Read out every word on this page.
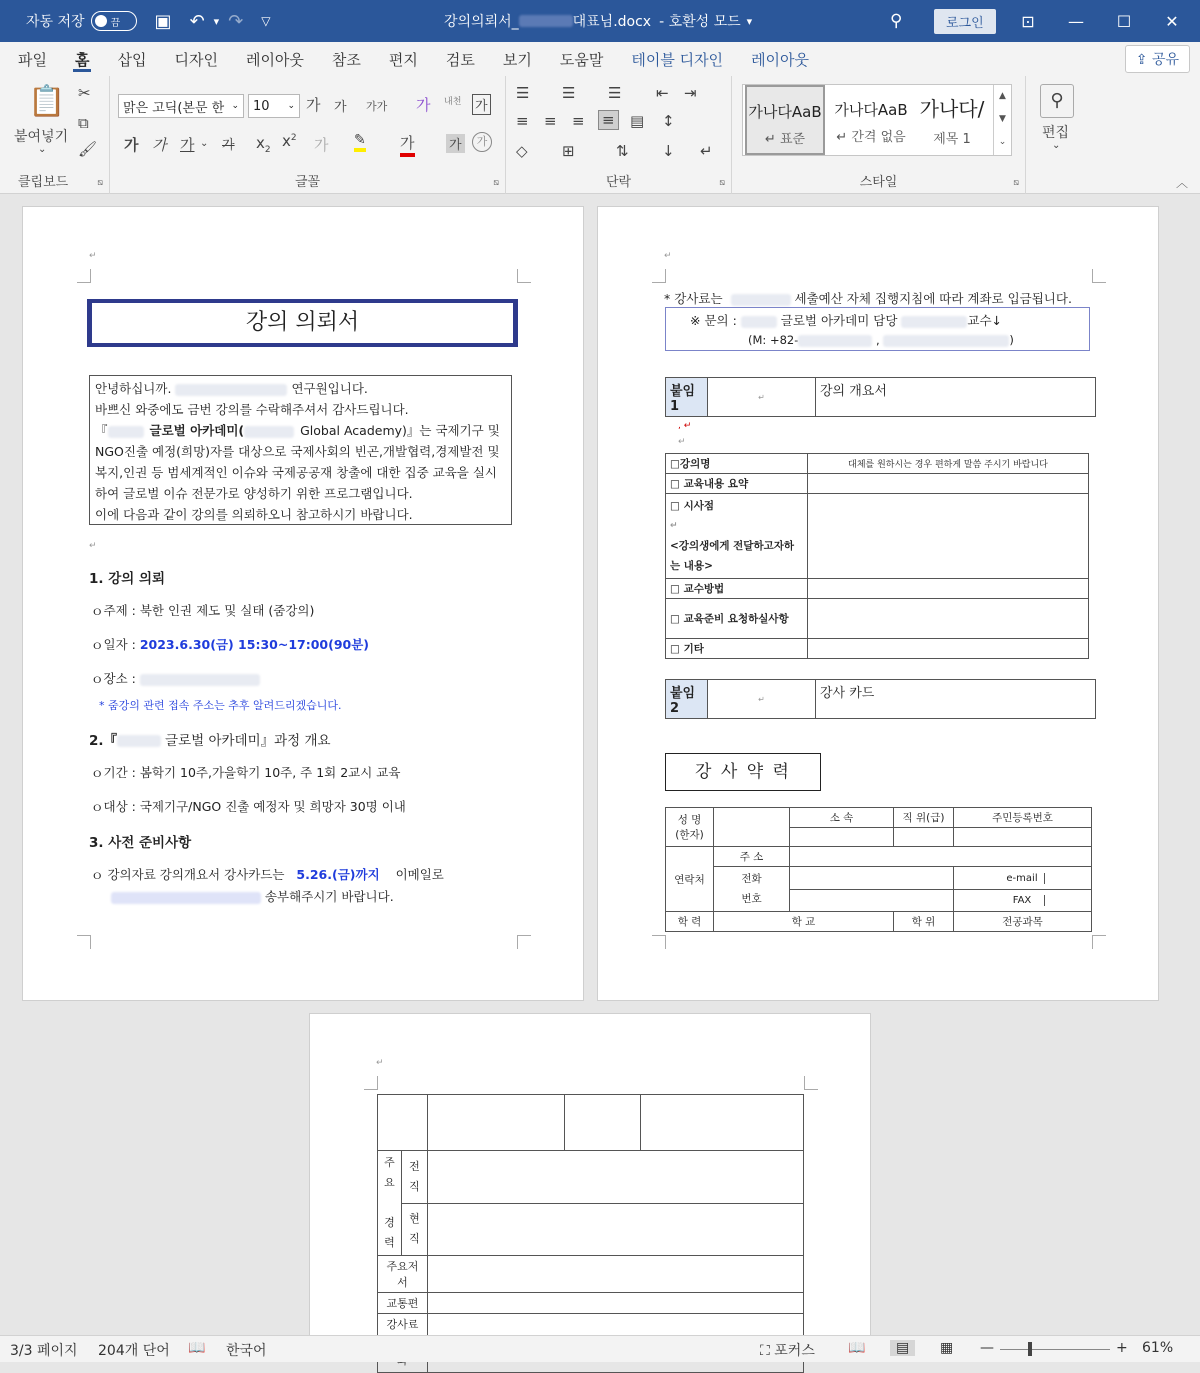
자동 저장	끔 ▣ ↶ ▾ ↷ ▽	강의의뢰서_	대표님.docx - 호환성 모드 ▾	⚲	로그인	⊡	—	☐	✕
파일	홈	삽입	디자인	레이아웃	참조	편지	검토	보기	도움말	테이블 디자인	레이아웃	⇪ 공유
📋
붙여넣기
⌄
✂
⧉
🖌
클립보드	⧅
맑은 고딕(본문 한 ⌄ 10 ⌄ 가 가 가가 가 내천 가
가 가 가 ⌄ 가 $x_2$ $x^2$ 가 ✎ 가	가	가
글꼴	⧅
☰ ☰ ☰ ⇤ ⇥
≡ ≡ ≡ ≡ ▤ ↕
◇ ⊞	⇅ ↓ ↵
단락	⧅
가나다AaB
↵ 표준
가나다AaB
↵ 간격 없음
가나다/
제목 1
▲
▼
⌄
스타일	⧅
⚲
편집
⌄
︿
↵
강의 의뢰서
안녕하십니까.	연구원입니다.
바쁘신 와중에도 금번 강의를 수락해주셔서 감사드립니다.
『	글로벌 아카데미(	Global Academy)』는 국제기구 및
NGO진출 예정(희망)자를 대상으로 국제사회의 빈곤,개발협력,경제발전 및
복지,인권 등 범세계적인 이슈와 국제공공재 창출에 대한 집중 교육을 실시
하여 글로벌 이슈 전문가로 양성하기 위한 프로그램입니다.
이에 다음과 같이 강의를 의뢰하오니 참고하시기 바랍니다.
↵
1. 강의 의뢰
ｏ주제 : 북한 인권 제도 및 실태 (줌강의)
ｏ일자 : 2023.6.30(금) 15:30~17:00(90분)
ｏ장소 :
* 줌강의 관련 접속 주소는 추후 알려드리겠습니다.
2.『	글로벌 아카데미』과정 개요
ｏ기간 : 봄학기 10주,가을학기 10주, 주 1회 2교시 교육
ｏ대상 : 국제기구/NGO 진출 예정자 및 희망자 30명 이내
3. 사전 준비사항
ｏ 강의자료 강의개요서 강사카드는 5.26.(금)까지 이메일로
송부해주시기 바랍니다.
↵
* 강사료는	세출예산 자체 집행지침에 따라 계좌로 입금됩니다.
※ 문의 :	글로벌 아카데미 담당	교수↓
(M: +82-	,	)
붙임1	↵	강의 개요서
, ↵
↵
□강의명	대체를 원하시는 경우 편하게 말씀 주시기 바랍니다
□ 교육내용 요약	

□ 시사점
↵
<강의생에게 전달하고자하는 내용>	

□ 교수방법	
□ 교육준비 요청하실사항	
□ 기타	
붙임2	↵	강사 카드
강 사 약 력
성 명
(한자)		소 속	직 위(급)	주민등록번호

연락처	주 소			
	전화
번호			e-mail
				FAX
학 력	학 교		학 위	전공과목
↵

주
요

경
력	전
직			
	현
직			
주요저서				
교통편				
강사료			

3/3 페이지 204개 단어 📖 한국어	⛶ 포커스 📖	▤	▦ —	+ 61%
